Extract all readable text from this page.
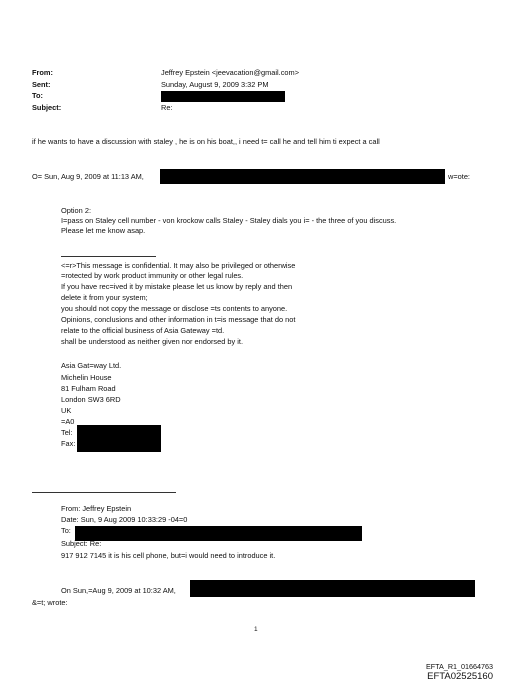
From:
Sent:
To:
Subject:
Jeffrey Epstein <jeevacation@gmail.com>
Sunday, August 9, 2009 3:32 PM
Re:
if he wants to have a discussion with staley , he is on his boat,, i need t= call he and tell him ti expect a call
O= Sun, Aug 9, 2009 at 11:13 AM,	w=ote:
Option 2:
I=pass on Staley cell number - von krockow calls Staley - Staley dials you i= - the three of you discuss.
Please let me know asap.
<=r>This message is confidential. It may also be privileged or otherwise
=rotected by work product immunity or other legal rules.
If you have rec=ived it by mistake please let us know by reply and then
delete it from your system;
you should not copy the message or disclose =ts contents to anyone.
Opinions, conclusions and other information in t=is message that do not
relate to the official business of Asia Gateway =td.
shall be understood as neither given nor endorsed by it.
Asia Gat=way Ltd.
Michelin House
81 Fulham Road
London SW3 6RD
UK
=A0
Tel:
Fax:
From: Jeffrey Epstein
Date: Sun, 9 Aug 2009 10:33:29 -04=0
To:
Subject: Re:
917 912 7145 it is his cell phone, but=i would need to introduce it.
On Sun,=Aug 9, 2009 at 10:32 AM,
&=t; wrote:
1
EFTA_R1_01664763
EFTA02525160
